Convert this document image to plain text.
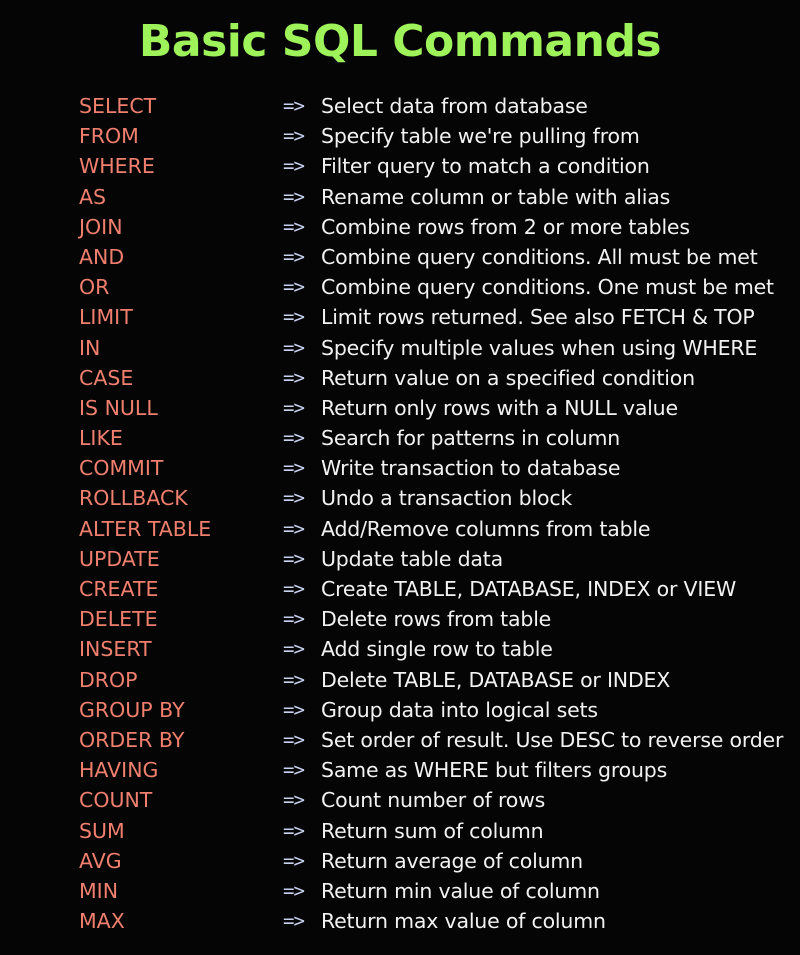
Basic SQL Commands
SELECT	=> Select data from database
FROM	=> Specify table we're pulling from
WHERE	=> Filter query to match a condition
AS	=> Rename column or table with alias
JOIN	=> Combine rows from 2 or more tables
AND	=> Combine query conditions. All must be met
OR	=> Combine query conditions. One must be met
LIMIT	=> Limit rows returned. See also FETCH & TOP
IN	=> Specify multiple values when using WHERE
CASE	=> Return value on a specified condition
IS NULL	=> Return only rows with a NULL value
LIKE	=> Search for patterns in column
COMMIT	=> Write transaction to database
ROLLBACK	=> Undo a transaction block
ALTER TABLE	=> Add/Remove columns from table
UPDATE	=> Update table data
CREATE	=> Create TABLE, DATABASE, INDEX or VIEW
DELETE	=> Delete rows from table
INSERT	=> Add single row to table
DROP	=> Delete TABLE, DATABASE or INDEX
GROUP BY	=> Group data into logical sets
ORDER BY	=> Set order of result. Use DESC to reverse order
HAVING	=> Same as WHERE but filters groups
COUNT	=> Count number of rows
SUM	=> Return sum of column
AVG	=> Return average of column
MIN	=> Return min value of column
MAX	=> Return max value of column
